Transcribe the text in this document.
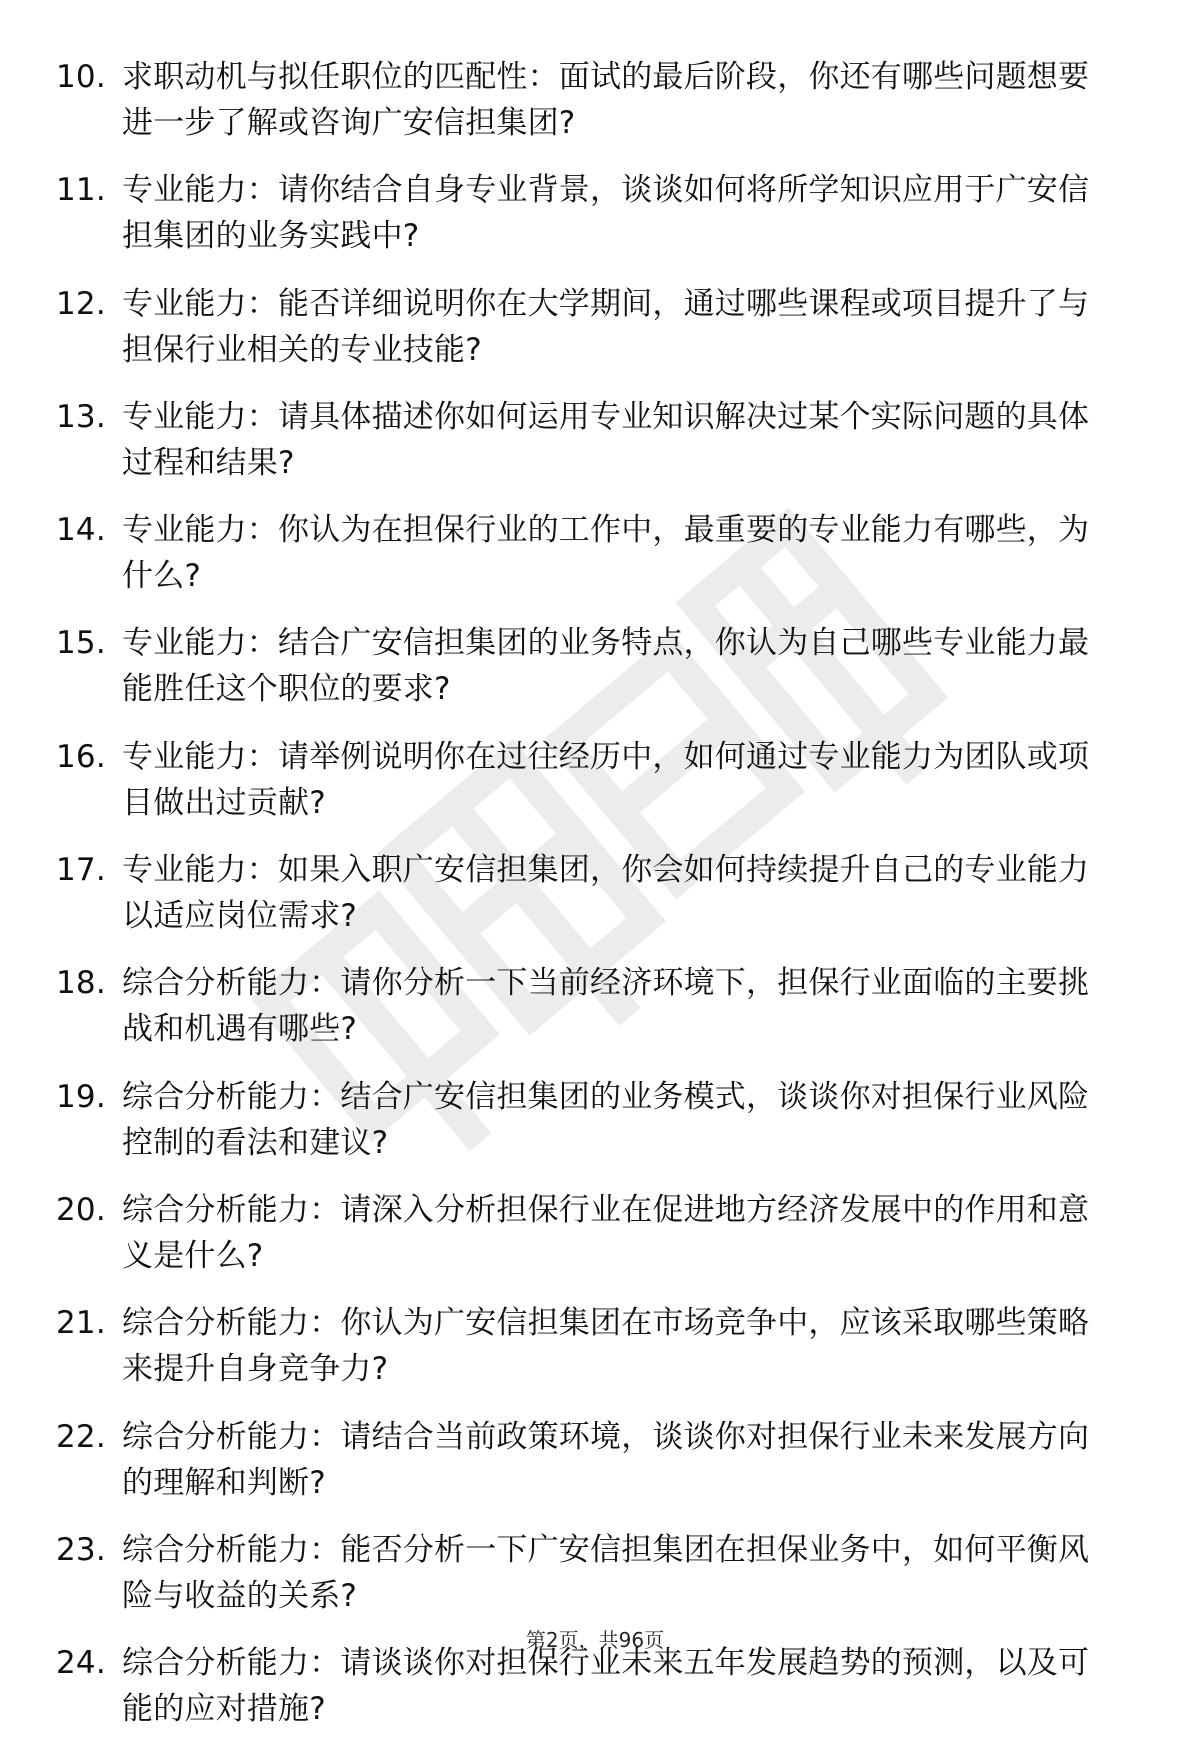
10. 求职动机与拟任职位的匹配性：面试的最后阶段，你还有哪些问题想要进一步了解或咨询广安信担集团?
11. 专业能力：请你结合自身专业背景，谈谈如何将所学知识应用于广安信担集团的业务实践中?
12. 专业能力：能否详细说明你在大学期间，通过哪些课程或项目提升了与担保行业相关的专业技能?
13. 专业能力：请具体描述你如何运用专业知识解决过某个实际问题的具体过程和结果?
14. 专业能力：你认为在担保行业的工作中，最重要的专业能力有哪些，为什么?
15. 专业能力：结合广安信担集团的业务特点，你认为自己哪些专业能力最能胜任这个职位的要求?
16. 专业能力：请举例说明你在过往经历中，如何通过专业能力为团队或项目做出过贡献?
17. 专业能力：如果入职广安信担集团，你会如何持续提升自己的专业能力以适应岗位需求?
18. 综合分析能力：请你分析一下当前经济环境下，担保行业面临的主要挑战和机遇有哪些?
19. 综合分析能力：结合广安信担集团的业务模式，谈谈你对担保行业风险控制的看法和建议?
20. 综合分析能力：请深入分析担保行业在促进地方经济发展中的作用和意义是什么?
21. 综合分析能力：你认为广安信担集团在市场竞争中，应该采取哪些策略来提升自身竞争力?
22. 综合分析能力：请结合当前政策环境，谈谈你对担保行业未来发展方向的理解和判断?
23. 综合分析能力：能否分析一下广安信担集团在担保业务中，如何平衡风险与收益的关系?
24. 综合分析能力：请谈谈你对担保行业未来五年发展趋势的预测，以及可能的应对措施?
第2页，共96页
